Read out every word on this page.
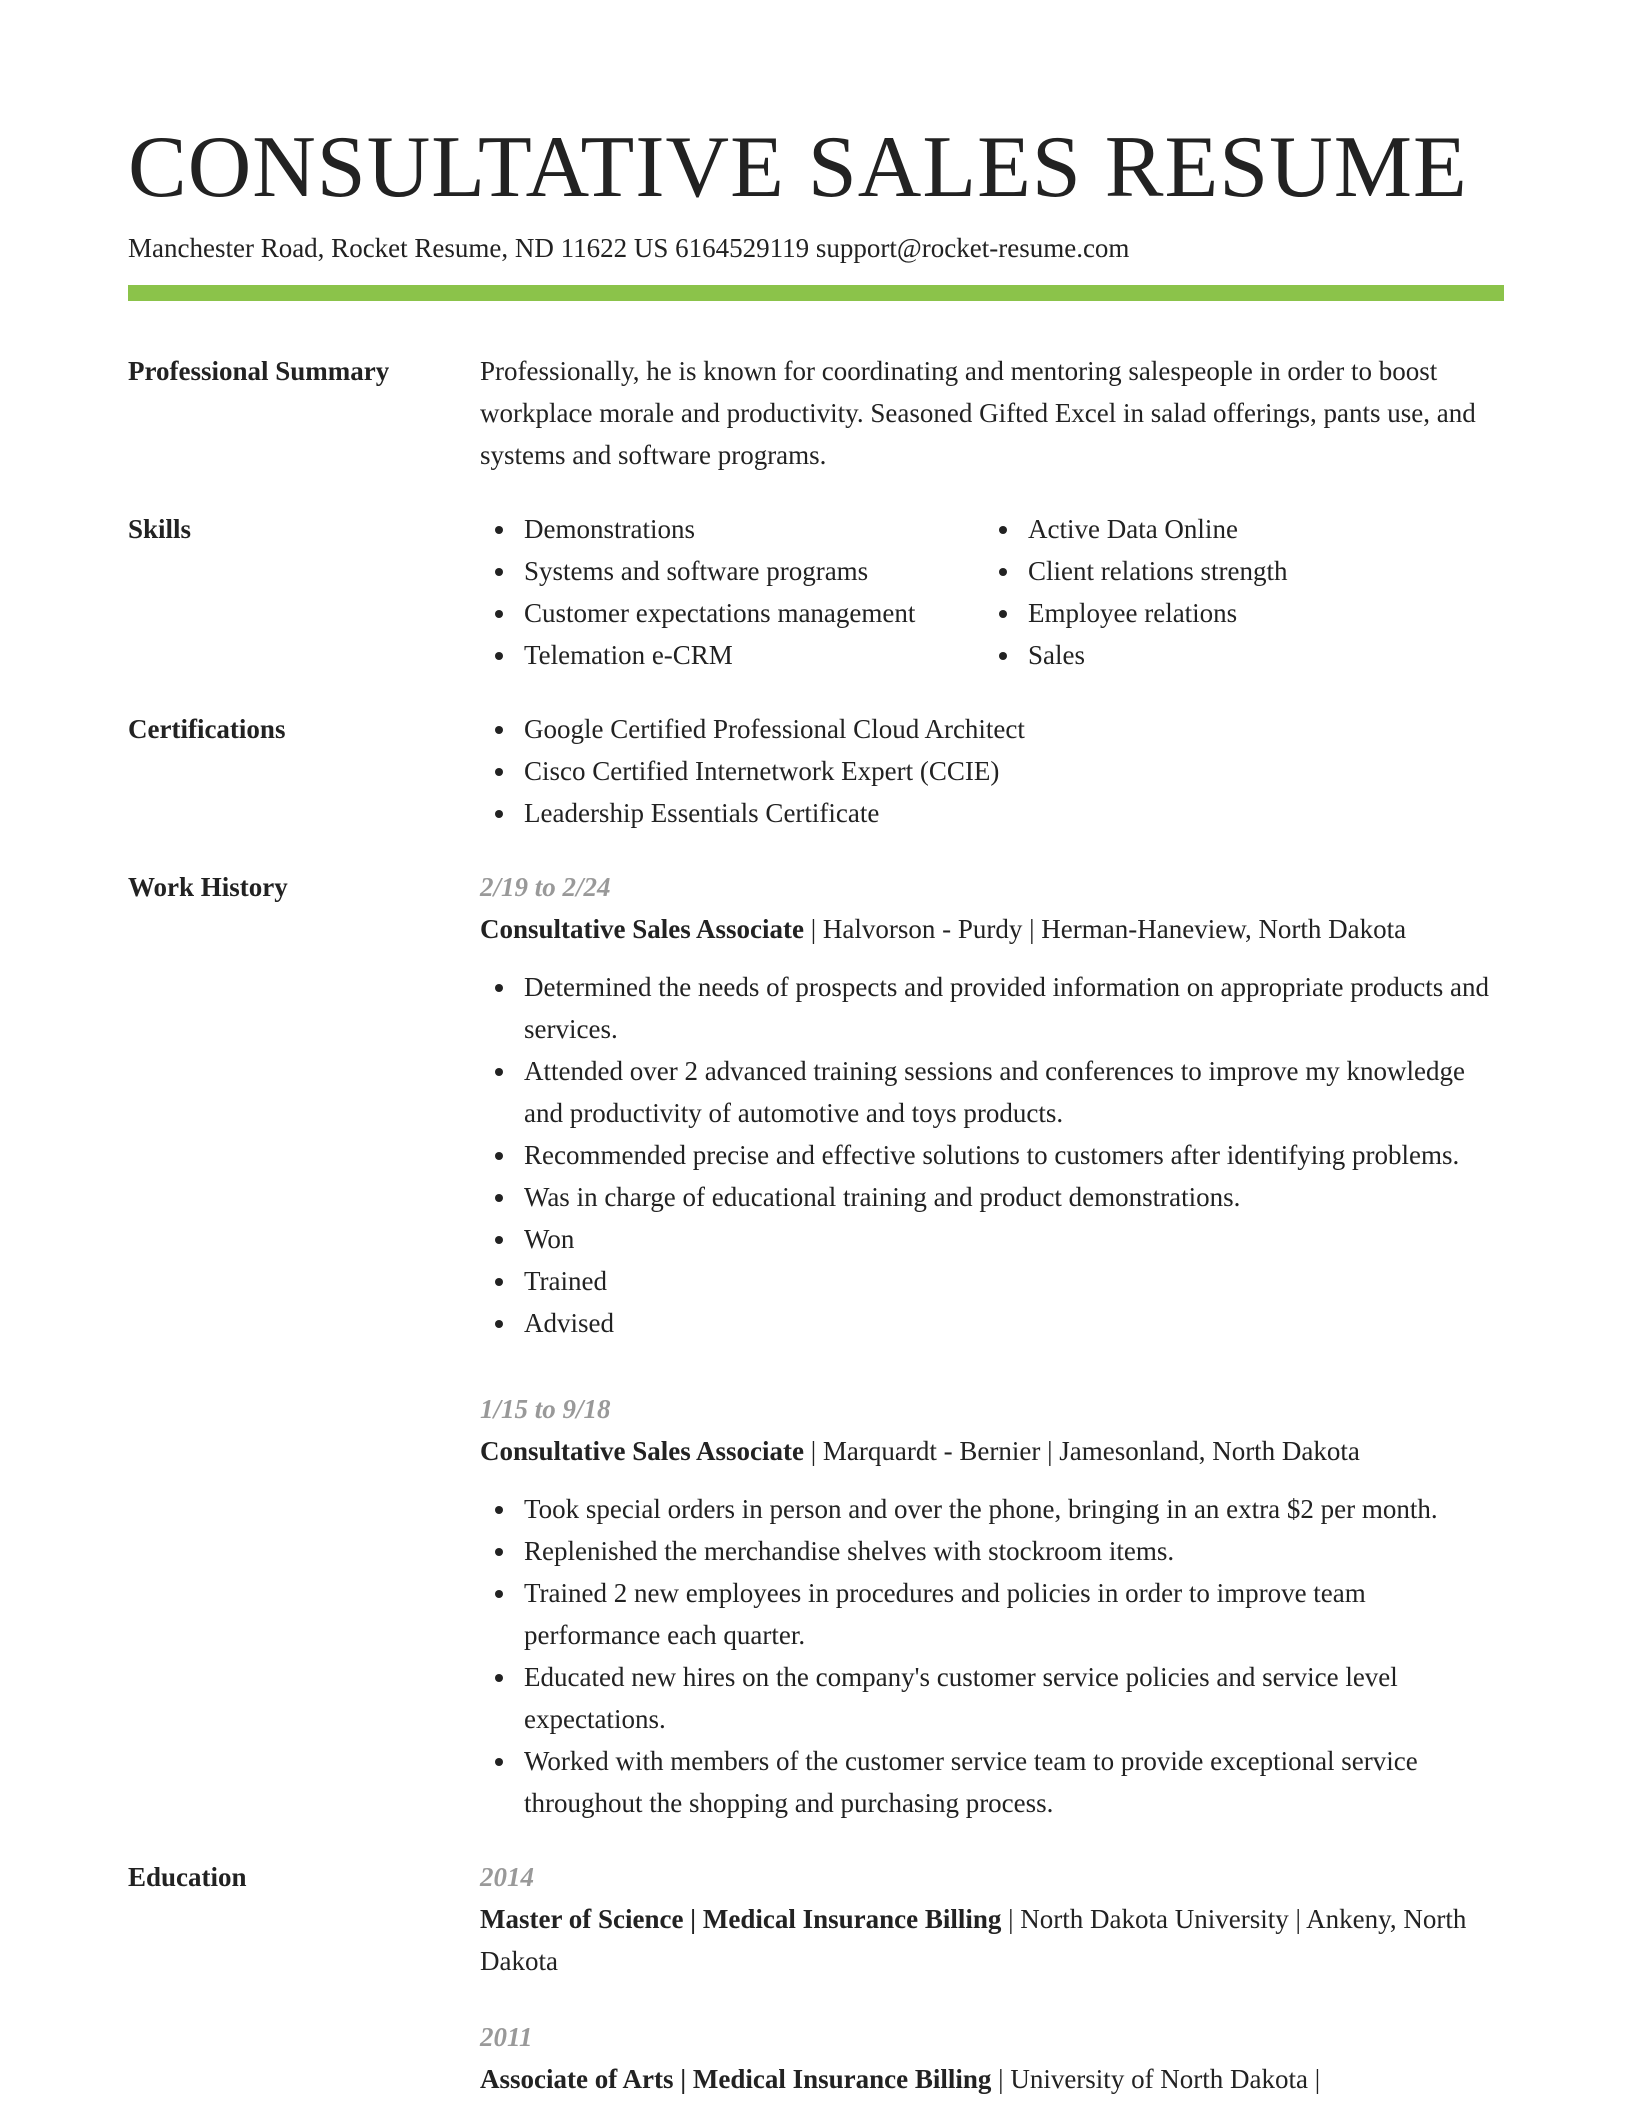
CONSULTATIVE SALES RESUME
Manchester Road, Rocket Resume, ND 11622 US 6164529119 support@rocket-resume.com
Professional Summary	Professionally, he is known for coordinating and mentoring salespeople in order to boost workplace morale and productivity. Seasoned Gifted Excel in salad offerings, pants use, and systems and software programs.

Skills	Demonstrations
Systems and software programs
Customer expectations management
Telemation e-CRM
Active Data Online
Client relations strength
Employee relations
Sales
Certifications	Google Certified Professional Cloud Architect
Cisco Certified Internetwork Expert (CCIE)
Leadership Essentials Certificate
Work History	2/19 to 2/24
Consultative Sales Associate | Halvorson - Purdy | Herman-Haneview, North Dakota
Determined the needs of prospects and provided information on appropriate products and services.
Attended over 2 advanced training sessions and conferences to improve my knowledge and productivity of automotive and toys products.
Recommended precise and effective solutions to customers after identifying problems.
Was in charge of educational training and product demonstrations.
Won
Trained
Advised
1/15 to 9/18
Consultative Sales Associate | Marquardt - Bernier | Jamesonland, North Dakota
Took special orders in person and over the phone, bringing in an extra $2 per month.
Replenished the merchandise shelves with stockroom items.
Trained 2 new employees in procedures and policies in order to improve team performance each quarter.
Educated new hires on the company's customer service policies and service level expectations.
Worked with members of the customer service team to provide exceptional service throughout the shopping and purchasing process.
Education	2014
Master of Science | Medical Insurance Billing | North Dakota University | Ankeny, North Dakota
2011
Associate of Arts | Medical Insurance Billing | University of North Dakota |
